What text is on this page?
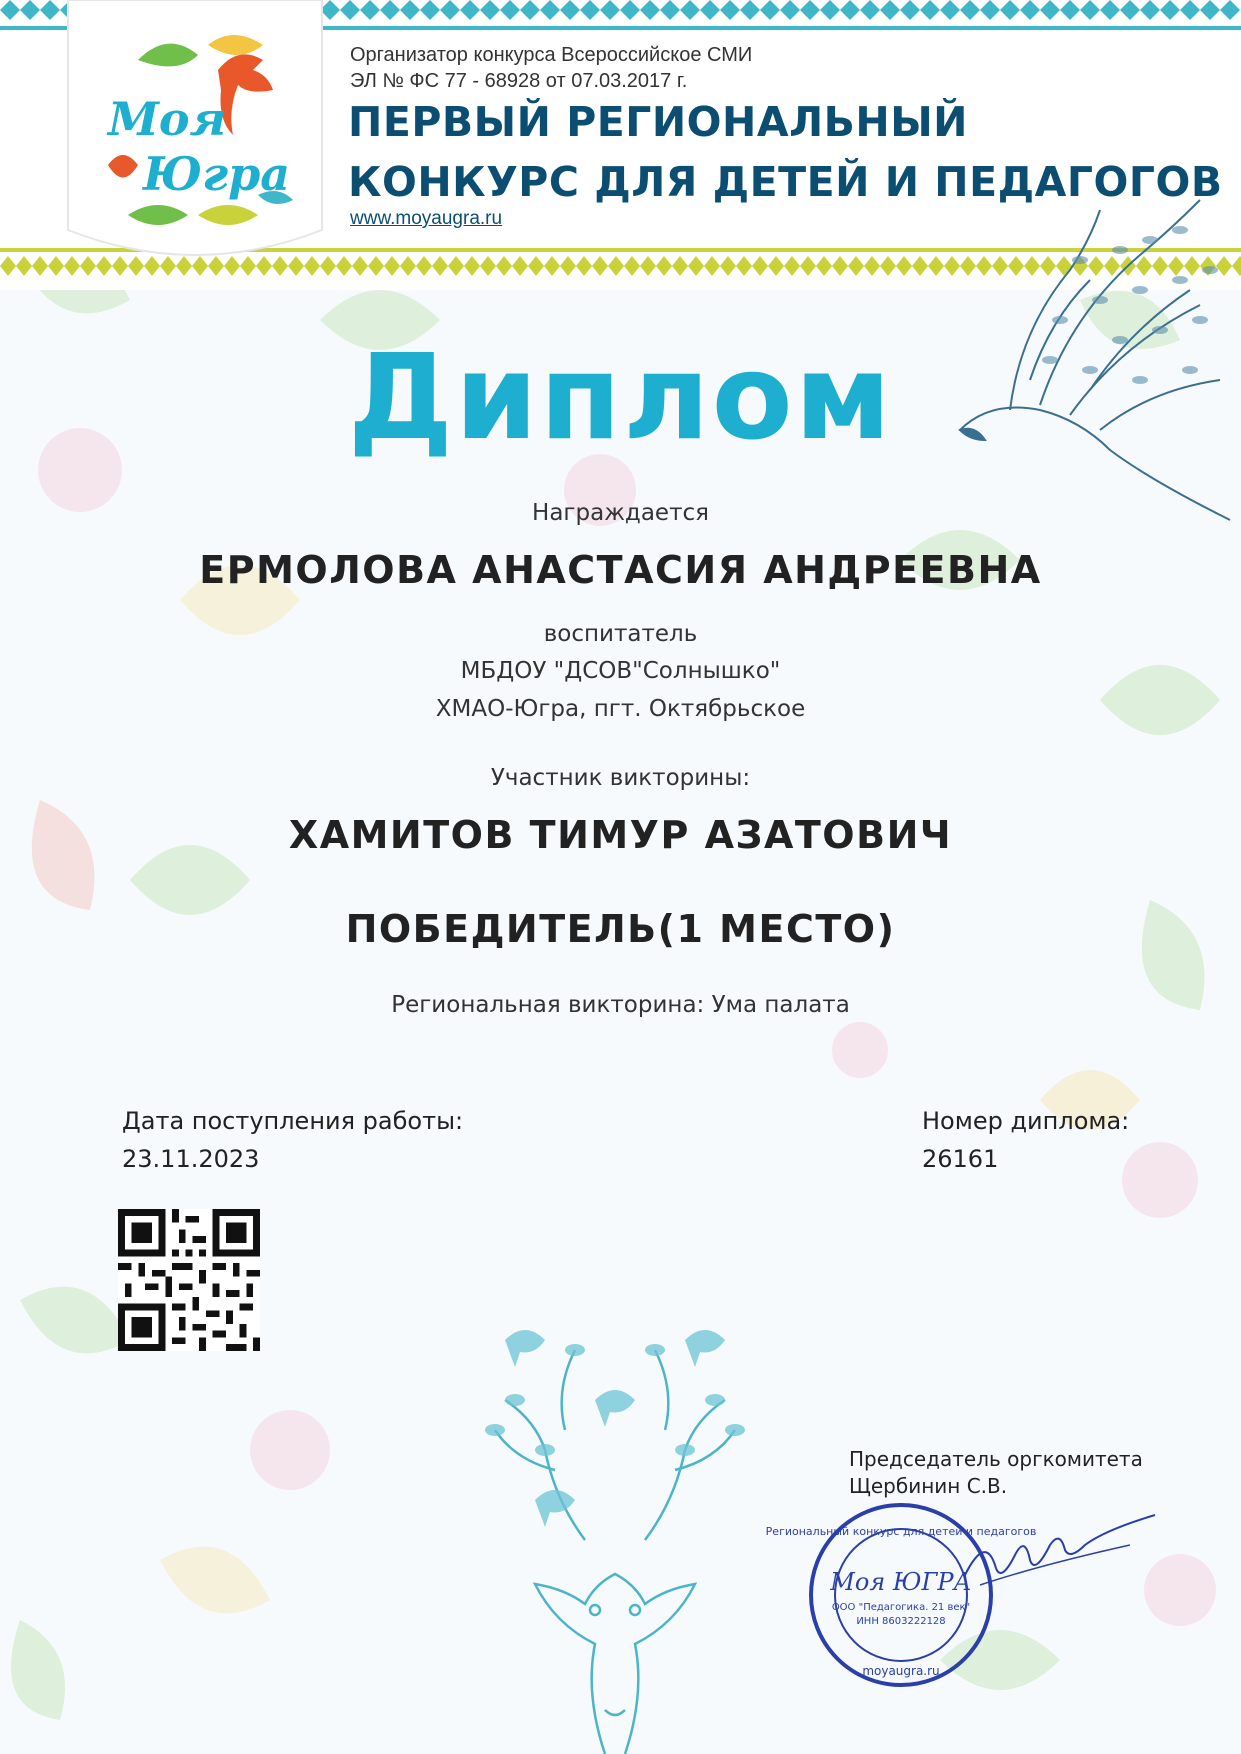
Моя
Югра
Организатор конкурса Всероссийское СМИ
ЭЛ № ФС 77 - 68928 от 07.03.2017 г.
ПЕРВЫЙ РЕГИОНАЛЬНЫЙ
КОНКУРС ДЛЯ ДЕТЕЙ И ПЕДАГОГОВ
www.moyaugra.ru
Диплом
Награждается
ЕРМОЛОВА АНАСТАСИЯ АНДРЕЕВНА
воспитатель
МБДОУ "ДСОВ"Солнышко"
ХМАО-Югра, пгт. Октябрьское
Участник викторины:
ХАМИТОВ ТИМУР АЗАТОВИЧ
ПОБЕДИТЕЛЬ(1 МЕСТО)
Региональная викторина: Ума палата
Дата поступления работы:
23.11.2023
Номер диплома:
26161
Председатель оргкомитета
Щербинин С.В.
Региональный конкурс для детей и педагогов
Моя ЮГРА
ООО "Педагогика. 21 век"
ИНН 8603222128
moyaugra.ru
